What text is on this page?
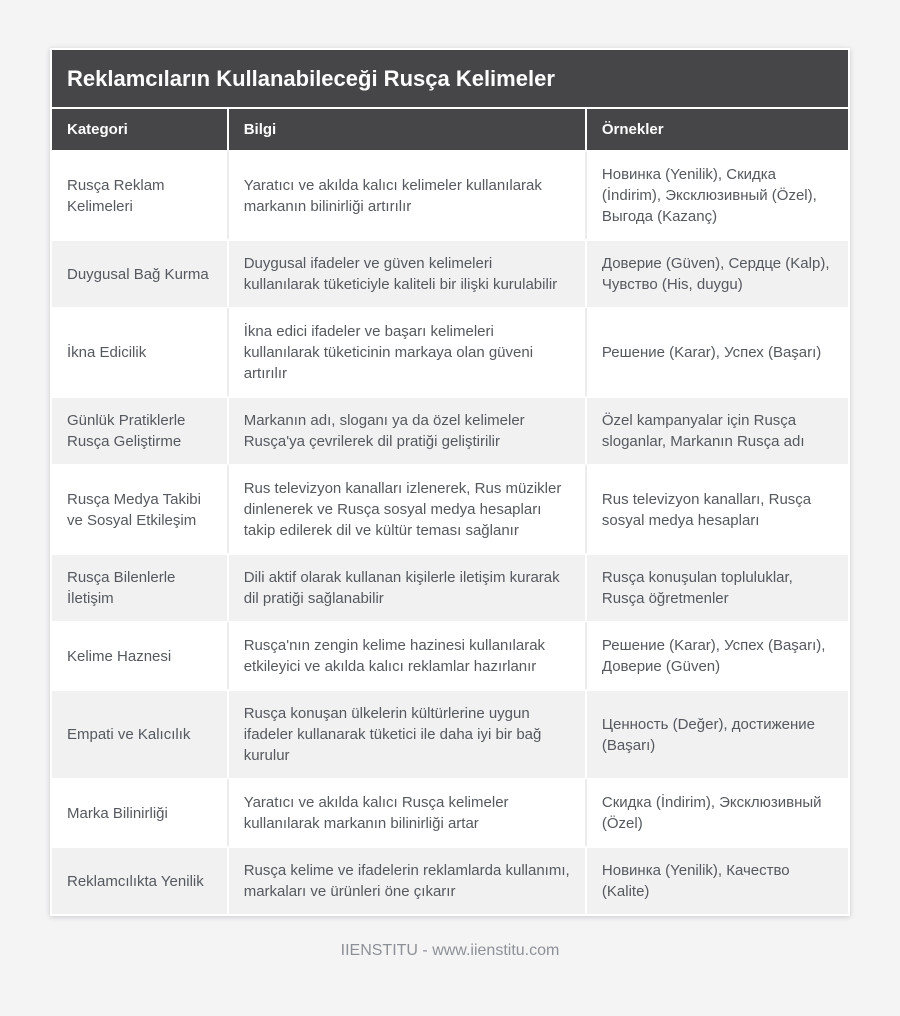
Reklamcıların Kullanabileceği Rusça Kelimeler
Kategori	Bilgi	Örnekler
Rusça Reklam Kelimeleri	Yaratıcı ve akılda kalıcı kelimeler kullanılarak markanın bilinirliği artırılır	Новинка (Yenilik), Скидка (İndirim), Эксклюзивный (Özel), Выгода (Kazanç)
Duygusal Bağ Kurma	Duygusal ifadeler ve güven kelimeleri kullanılarak tüketiciyle kaliteli bir ilişki kurulabilir	Доверие (Güven), Сердце (Kalp), Чувство (His, duygu)
İkna Edicilik	İkna edici ifadeler ve başarı kelimeleri kullanılarak tüketicinin markaya olan güveni artırılır	Решение (Karar), Успех (Başarı)
Günlük Pratiklerle Rusça Geliştirme	Markanın adı, sloganı ya da özel kelimeler Rusça'ya çevrilerek dil pratiği geliştirilir	Özel kampanyalar için Rusça sloganlar, Markanın Rusça adı
Rusça Medya Takibi ve Sosyal Etkileşim	Rus televizyon kanalları izlenerek, Rus müzikler dinlenerek ve Rusça sosyal medya hesapları takip edilerek dil ve kültür teması sağlanır	Rus televizyon kanalları, Rusça sosyal medya hesapları
Rusça Bilenlerle İletişim	Dili aktif olarak kullanan kişilerle iletişim kurarak dil pratiği sağlanabilir	Rusça konuşulan topluluklar, Rusça öğretmenler
Kelime Haznesi	Rusça'nın zengin kelime hazinesi kullanılarak etkileyici ve akılda kalıcı reklamlar hazırlanır	Решение (Karar), Успех (Başarı), Доверие (Güven)
Empati ve Kalıcılık	Rusça konuşan ülkelerin kültürlerine uygun ifadeler kullanarak tüketici ile daha iyi bir bağ kurulur	Ценность (Değer), достижение (Başarı)
Marka Bilinirliği	Yaratıcı ve akılda kalıcı Rusça kelimeler kullanılarak markanın bilinirliği artar	Скидка (İndirim), Эксклюзивный (Özel)
Reklamcılıkta Yenilik	Rusça kelime ve ifadelerin reklamlarda kullanımı, markaları ve ürünleri öne çıkarır	Новинка (Yenilik), Качество (Kalite)
IIENSTITU - www.iienstitu.com
